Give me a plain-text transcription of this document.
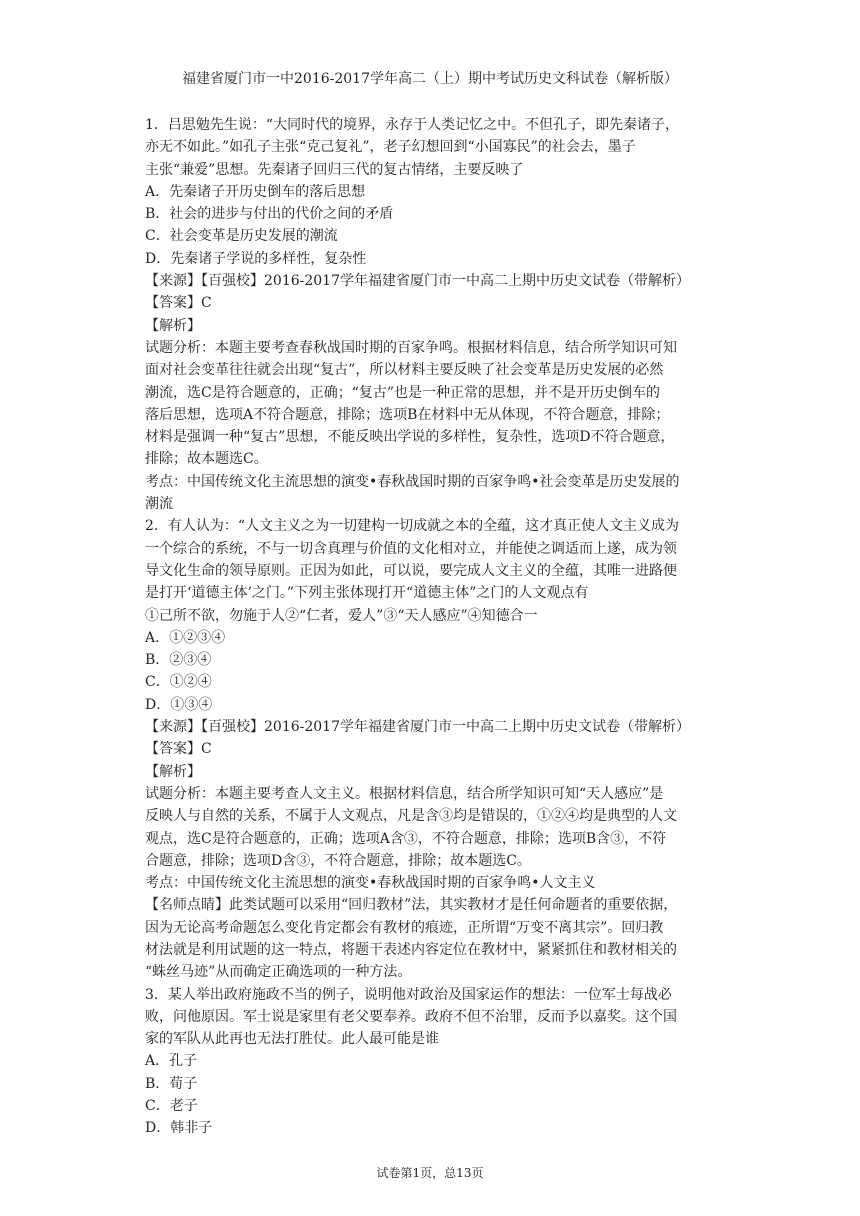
福建省厦门市一中2016-2017学年高二（上）期中考试历史文科试卷（解析版）
1．吕思勉先生说：“大同时代的境界，永存于人类记忆之中。不但孔子，即先秦诸子，
亦无不如此。”如孔子主张“克己复礼”，老子幻想回到“小国寡民”的社会去，墨子
主张“兼爱”思想。先秦诸子回归三代的复古情绪，主要反映了
A．先秦诸子开历史倒车的落后思想
B．社会的进步与付出的代价之间的矛盾
C．社会变革是历史发展的潮流
D．先秦诸子学说的多样性，复杂性
【来源】【百强校】2016-2017学年福建省厦门市一中高二上期中历史文试卷（带解析）
【答案】C
【解析】
试题分析：本题主要考查春秋战国时期的百家争鸣。根据材料信息，结合所学知识可知
面对社会变革往往就会出现“复古”，所以材料主要反映了社会变革是历史发展的必然
潮流，选C是符合题意的，正确；“复古”也是一种正常的思想，并不是开历史倒车的
落后思想，选项A不符合题意，排除；选项B在材料中无从体现，不符合题意，排除；
材料是强调一种“复古”思想，不能反映出学说的多样性，复杂性，选项D不符合题意，
排除；故本题选C。
考点：中国传统文化主流思想的演变•春秋战国时期的百家争鸣•社会变革是历史发展的
潮流
2．有人认为：“人文主义之为一切建构一切成就之本的全蕴，这才真正使人文主义成为
一个综合的系统，不与一切含真理与价值的文化相对立，并能使之调适而上遂，成为领
导文化生命的领导原则。正因为如此，可以说，要完成人文主义的全蕴，其唯一进路便
是打开‘道德主体’之门。”下列主张体现打开“道德主体”之门的人文观点有
①己所不欲，勿施于人②“仁者，爱人”③“天人感应”④知德合一
A．①②③④
B．②③④
C．①②④
D．①③④
【来源】【百强校】2016-2017学年福建省厦门市一中高二上期中历史文试卷（带解析）
【答案】C
【解析】
试题分析：本题主要考查人文主义。根据材料信息，结合所学知识可知“天人感应”是
反映人与自然的关系，不属于人文观点，凡是含③均是错误的，①②④均是典型的人文
观点，选C是符合题意的，正确；选项A含③，不符合题意，排除；选项B含③，不符
合题意，排除；选项D含③，不符合题意，排除；故本题选C。
考点：中国传统文化主流思想的演变•春秋战国时期的百家争鸣•人文主义
【名师点睛】此类试题可以采用“回归教材”法，其实教材才是任何命题者的重要依据，
因为无论高考命题怎么变化肯定都会有教材的痕迹，正所谓“万变不离其宗”。回归教
材法就是利用试题的这一特点，将题干表述内容定位在教材中，紧紧抓住和教材相关的
“蛛丝马迹”从而确定正确选项的一种方法。
3．某人举出政府施政不当的例子，说明他对政治及国家运作的想法：一位军士每战必
败，问他原因。军士说是家里有老父要奉养。政府不但不治罪，反而予以嘉奖。这个国
家的军队从此再也无法打胜仗。此人最可能是谁
A．孔子
B．荀子
C．老子
D．韩非子
试卷第1页，总13页
